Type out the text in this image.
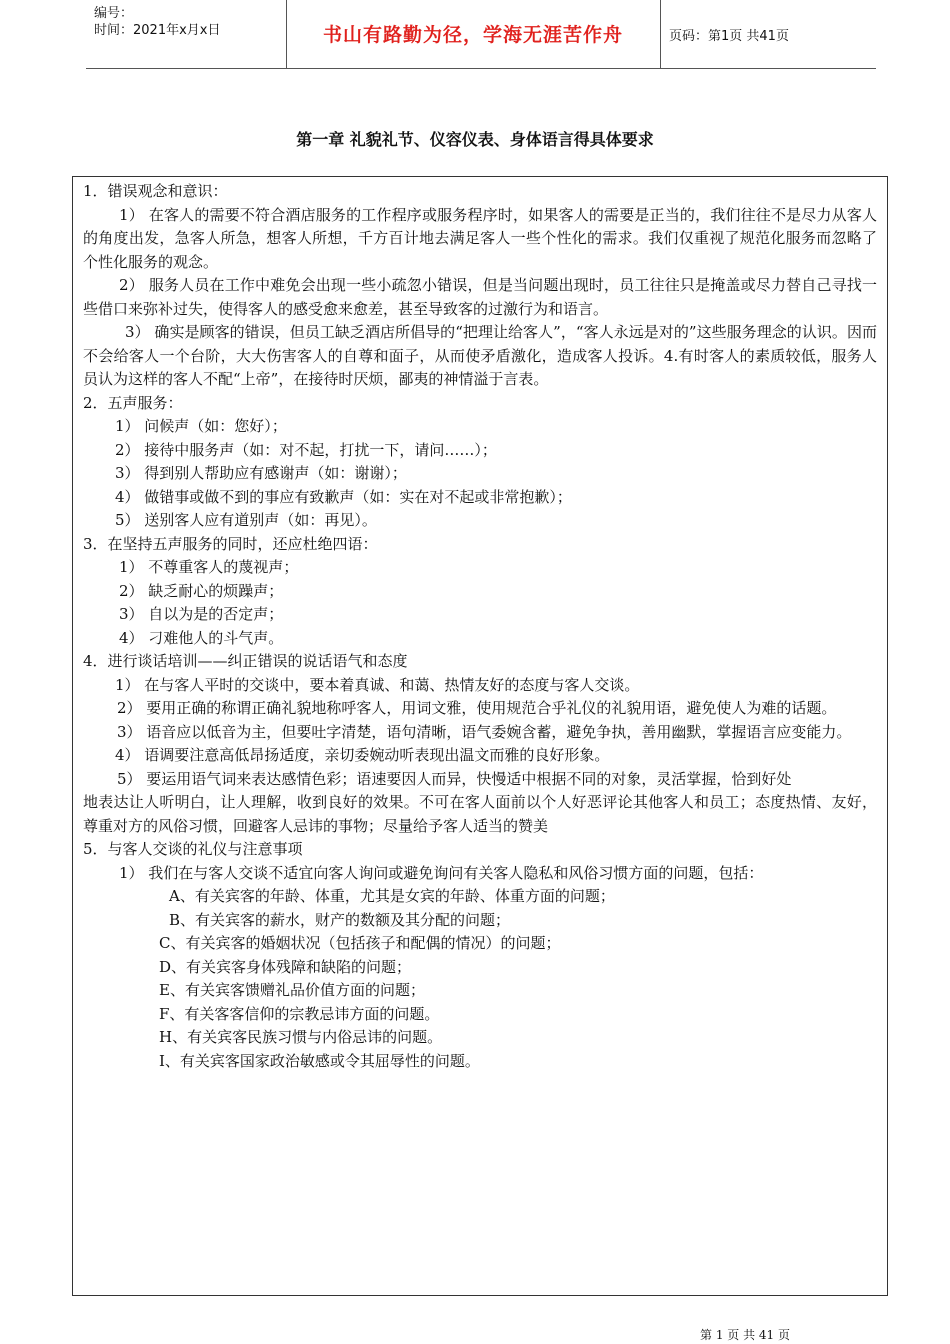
编号：
时间：2021年x月x日	书山有路勤为径，学海无涯苦作舟	页码：第1页 共41页
第一章 礼貌礼节、仪容仪表、身体语言得具体要求

1．错误观念和意识：

1） 在客人的需要不符合酒店服务的工作程序或服务程序时，如果客人的需要是正当的，我们往往不是尽力从客人的角度出发，急客人所急，想客人所想，千方百计地去满足客人一些个性化的需求。我们仅重视了规范化服务而忽略了个性化服务的观念。

2） 服务人员在工作中难免会出现一些小疏忽小错误，但是当问题出现时，员工往往只是掩盖或尽力替自己寻找一些借口来弥补过失，使得客人的感受愈来愈差，甚至导致客的过激行为和语言。

3） 确实是顾客的错误，但员工缺乏酒店所倡导的“把理让给客人”，“客人永远是对的”这些服务理念的认识。因而不会给客人一个台阶，大大伤害客人的自尊和面子，从而使矛盾激化，造成客人投诉。4.有时客人的素质较低，服务人员认为这样的客人不配“上帝”，在接待时厌烦，鄙夷的神情溢于言表。

2．五声服务：

1） 问候声（如：您好）；

2） 接待中服务声（如：对不起，打扰一下，请问……）；

3） 得到别人帮助应有感谢声（如：谢谢）；

4） 做错事或做不到的事应有致歉声（如：实在对不起或非常抱歉）；

5） 送别客人应有道别声（如：再见）。

3．在坚持五声服务的同时，还应杜绝四语：

1） 不尊重客人的蔑视声；

2） 缺乏耐心的烦躁声；

3） 自以为是的否定声；

4） 刁难他人的斗气声。

4．进行谈话培训——纠正错误的说话语气和态度

1） 在与客人平时的交谈中，要本着真诚、和蔼、热情友好的态度与客人交谈。

2） 要用正确的称谓正确礼貌地称呼客人，用词文雅，使用规范合乎礼仪的礼貌用语，避免使人为难的话题。

3） 语音应以低音为主，但要吐字清楚，语句清晰，语气委婉含蓄，避免争执，善用幽默，掌握语言应变能力。

4） 语调要注意高低昂扬适度，亲切委婉动听表现出温文而雅的良好形象。

5） 要运用语气词来表达感情色彩；语速要因人而异，快慢适中根据不同的对象，灵活掌握，恰到好处

地表达让人听明白，让人理解，收到良好的效果。不可在客人面前以个人好恶评论其他客人和员工；态度热情、友好，尊重对方的风俗习惯，回避客人忌讳的事物；尽量给予客人适当的赞美

5．与客人交谈的礼仪与注意事项

1） 我们在与客人交谈不适宜向客人询问或避免询问有关客人隐私和风俗习惯方面的问题，包括：

A、有关宾客的年龄、体重，尤其是女宾的年龄、体重方面的问题；

B、有关宾客的薪水，财产的数额及其分配的问题；

C、有关宾客的婚姻状况（包括孩子和配偶的情况）的问题；

D、有关宾客身体残障和缺陷的问题；

E、有关宾客馈赠礼品价值方面的问题；

F、有关客客信仰的宗教忌讳方面的问题。

H、有关宾客民族习惯与内俗忌讳的问题。

I、有关宾客国家政治敏感或令其屈辱性的问题。

第 1 页 共 41 页
